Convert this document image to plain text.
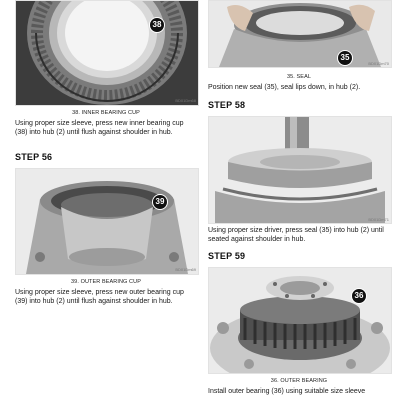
38
BD01Dm68
38. INNER BEARING CUP

Using proper size sleeve, press new inner bearing cup (38) into hub (2) until flush against shoulder in hub.

STEP 56
39
BD01Dm69
39. OUTER BEARING CUP

Using proper size sleeve, press new outer bearing cup (39) into hub (2) until flush against shoulder in hub.

35
BD01Dm70
35. SEAL

Position new seal (35), seal lips down, in hub (2).

STEP 58
BD01Dm71

Using proper size driver, press seal (35) into hub (2) until seated against shoulder in hub.

STEP 59
36
36. OUTER BEARING

Install outer bearing (36) using suitable size sleeve
